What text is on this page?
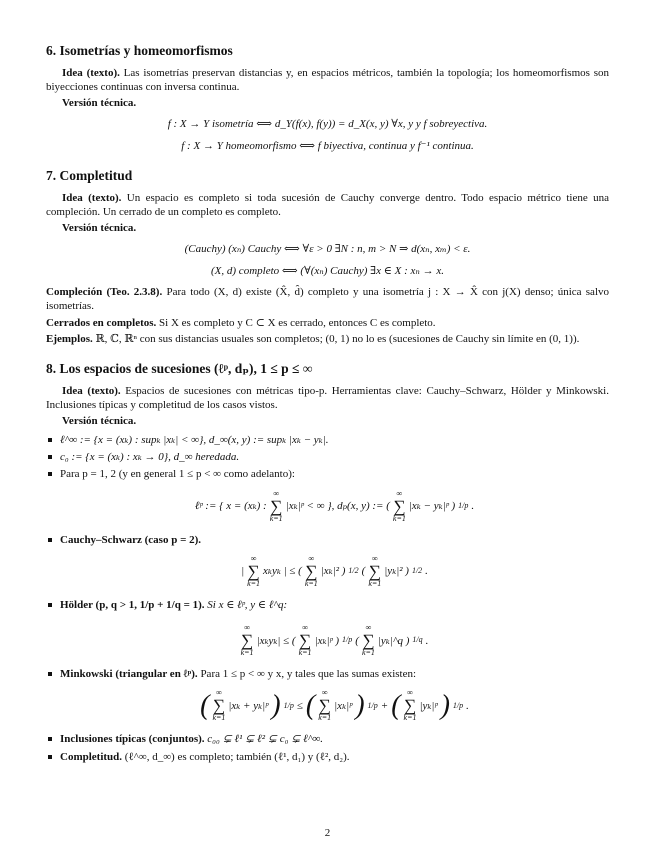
6. Isometrías y homeomorfismos

Idea (texto). Las isometrías preservan distancias y, en espacios métricos, también la topología; los homeomorfismos son biyecciones continuas con inversa continua.

Versión técnica.
f : X → Y isometría ⟺ d_Y(f(x), f(y)) = d_X(x, y) ∀x, y y f sobreyectiva.
f : X → Y homeomorfismo ⟺ f biyectiva, continua y f⁻¹ continua.
7. Completitud

Idea (texto). Un espacio es completo si toda sucesión de Cauchy converge dentro. Todo espacio métrico tiene una compleción. Un cerrado de un completo es completo.

Versión técnica.
(Cauchy) (xₙ) Cauchy ⟺ ∀ε > 0 ∃N : n, m > N ⇒ d(xₙ, xₘ) < ε.
(X, d) completo ⟺ (∀(xₙ) Cauchy) ∃x ∈ X : xₙ → x.

Compleción (Teo. 2.3.8). Para todo (X, d) existe (X̂, d̂) completo y una isometría j : X → X̂ con j(X) denso; única salvo isometrías.

Cerrados en completos. Si X es completo y C ⊂ X es cerrado, entonces C es completo.

Ejemplos. ℝ, ℂ, ℝⁿ con sus distancias usuales son completos; (0, 1) no lo es (sucesiones de Cauchy sin límite en (0, 1)).

8. Los espacios de sucesiones (ℓᵖ, dₚ), 1 ≤ p ≤ ∞

Idea (texto). Espacios de sucesiones con métricas tipo-p. Herramientas clave: Cauchy–Schwarz, Hölder y Minkowski. Inclusiones típicas y completitud de los casos vistos.

Versión técnica.
ℓ^∞ := {x = (xₖ) : supₖ |xₖ| < ∞}, d_∞(x, y) := supₖ |xₖ − yₖ|.
c₀ := {x = (xₖ) : xₖ → 0}, d_∞ heredada.
Para p = 1, 2 (y en general 1 ≤ p < ∞ como adelanto):
ℓᵖ := { x = (xₖ) :
∞
∑
k=1
|xₖ|ᵖ < ∞ }, dₚ(x, y) := (
∞
∑
k=1
|xₖ − yₖ|ᵖ ) 1/p .
Cauchy–Schwarz (caso p = 2).
|
∞
∑
k=1
xₖyₖ | ≤ (
∞
∑
k=1
|xₖ|² ) 1/2 (
∞
∑
k=1
|yₖ|² ) 1/2 .
Hölder (p, q > 1, 1/p + 1/q = 1). Si x ∈ ℓᵖ, y ∈ ℓ^q:
∞
∑
k=1
|xₖyₖ| ≤ (
∞
∑
k=1
|xₖ|ᵖ ) 1/p (
∞
∑
k=1
|yₖ|^q ) 1/q .
Minkowski (triangular en ℓᵖ). Para 1 ≤ p < ∞ y x, y tales que las sumas existen:
( ∞
∑
k=1
|xₖ + yₖ|ᵖ ) 1/p ≤ ( ∞
∑
k=1
|xₖ|ᵖ ) 1/p + ( ∞
∑
k=1
|yₖ|ᵖ ) 1/p .
Inclusiones típicas (conjuntos). c₀₀ ⊊ ℓ¹ ⊊ ℓ² ⊊ c₀ ⊊ ℓ^∞.
Completitud. (ℓ^∞, d_∞) es completo; también (ℓ¹, d₁) y (ℓ², d₂).
2
